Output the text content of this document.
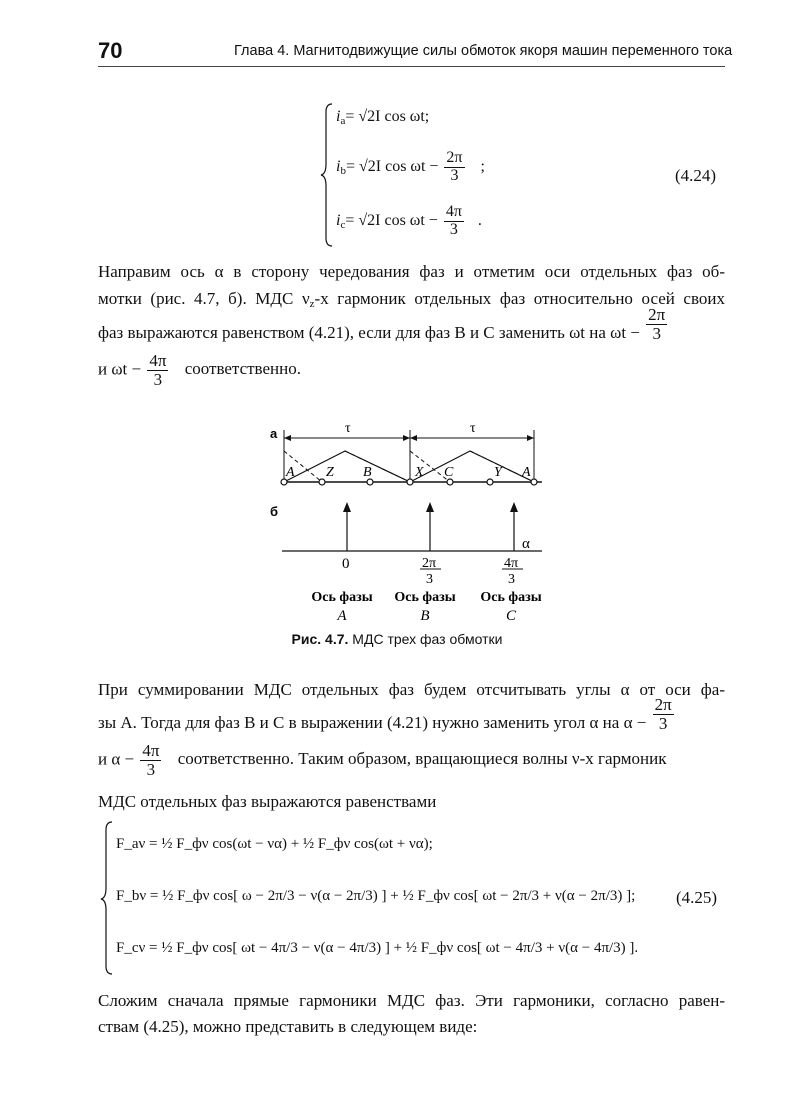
70	Глава 4. Магнитодвижущие силы обмоток якоря машин переменного тока
$i_a= √2I$ cos ωt;
$i_b= √2I$ $\cos \omega t - \frac{2\pi}{3}$ ;
$i_c= √2I$ $\cos \omega t - \frac{4\pi}{3}$ .
(4.24)
Направим ось α в сторону чередования фаз и отметим оси отдельных фаз об-
мотки (рис. 4.7, б). МДС $\nu_z-х$ гармоник отдельных фаз относительно осей своих
фаз выражаются равенством (4.21), если для фаз B и C заменить ωt на $\omega t - \frac{2\pi}{3}$
и $\omega t - \frac{4\pi}{3}$ соответственно.
а	τ	τ
A Z B	X C	Y A
б
α
0	2π
3
4π
3
Ось фазы Ось фазы Ось фазы
A	B	C
Рис. 4.7. МДС трех фаз обмотки
При суммировании МДС отдельных фаз будем отсчитывать углы α от оси фа-
зы A. Тогда для фаз B и C в выражении (4.21) нужно заменить угол α на $\alpha - \frac{2\pi}{3}$
и $\alpha - \frac{4\pi}{3}$ соответственно. Таким образом, вращающиеся волны ν-х гармоник
МДС отдельных фаз выражаются равенствами
F_aν = ½ F_фν cos(ωt − να) + ½ F_фν cos(ωt + να);
F_bν = ½ F_фν cos[ ω − 2π/3 − ν(α − 2π/3) ] + ½ F_фν cos[ ωt − 2π/3 + ν(α − 2π/3) ];
F_cν = ½ F_фν cos[ ωt − 4π/3 − ν(α − 4π/3) ] + ½ F_фν cos[ ωt − 4π/3 + ν(α − 4π/3) ].
(4.25)
Сложим сначала прямые гармоники МДС фаз. Эти гармоники, согласно равен-
ствам (4.25), можно представить в следующем виде:
